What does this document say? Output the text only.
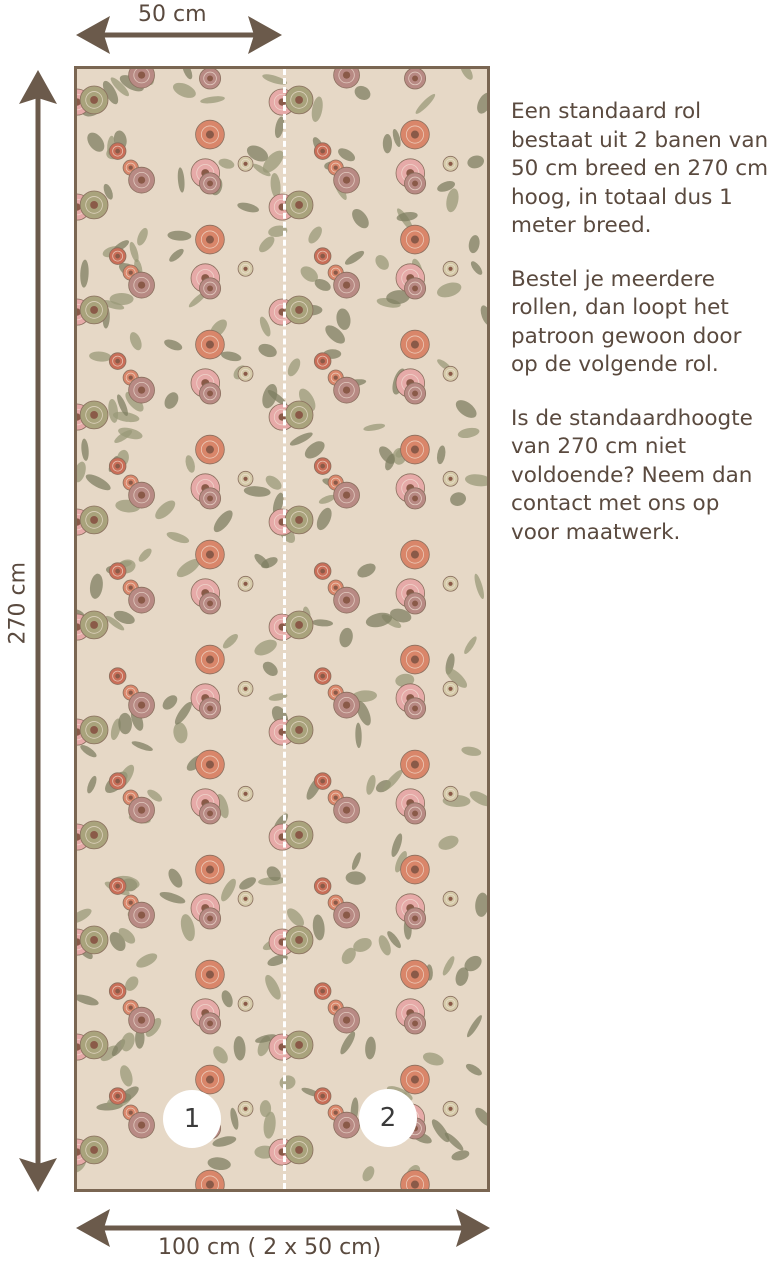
50 cm
270 cm
100 cm ( 2 x 50 cm)
1	2

Een standaard rol bestaat uit 2 banen van 50 cm breed en 270 cm hoog, in totaal dus 1 meter breed.

Bestel je meerdere rollen, dan loopt het patroon gewoon door op de volgende rol.

Is de standaardhoogte van 270 cm niet voldoende? Neem dan contact met ons op voor maatwerk.
